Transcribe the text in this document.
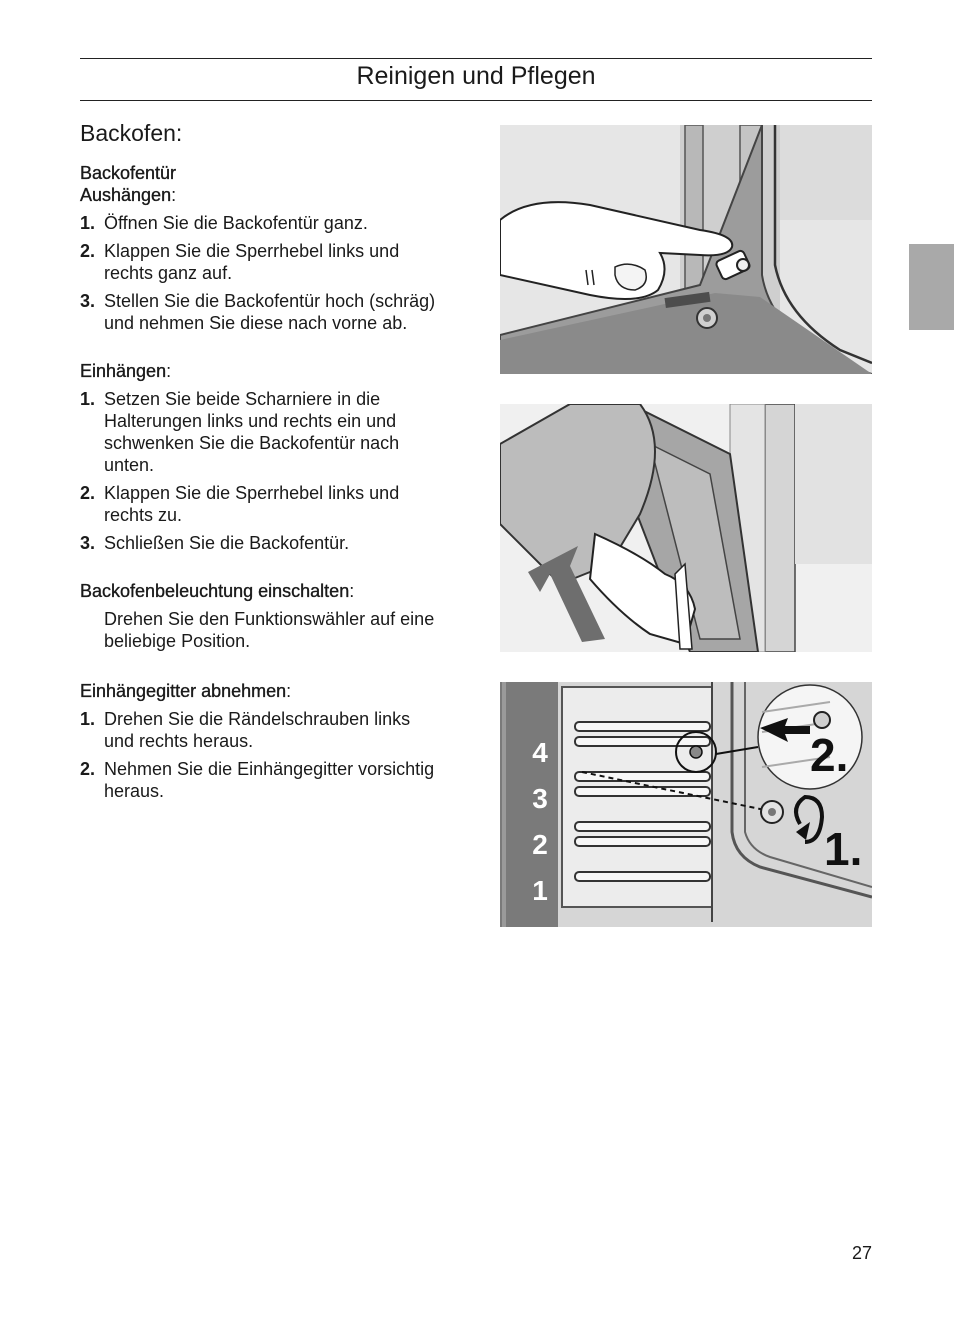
Reinigen und Pflegen
Backofen:
Backofentür
Aushängen:
1. Öffnen Sie die Backofentür ganz.
2. Klappen Sie die Sperrhebel links und rechts ganz auf.
3. Stellen Sie die Backofentür hoch (schräg) und nehmen Sie diese nach vorne ab.
Einhängen:
1. Setzen Sie beide Scharniere in die Halterungen links und rechts ein und schwenken Sie die Backofentür nach unten.
2. Klappen Sie die Sperrhebel links und rechts zu.
3. Schließen Sie die Backofentür.
Backofenbeleuchtung einschalten:

Drehen Sie den Funktionswähler auf eine beliebige Position.

Einhängegitter abnehmen:
1. Drehen Sie die Rändelschrauben links und rechts heraus.
2. Nehmen Sie die Einhängegitter vorsichtig heraus.
4
3
2
1
2.
1.
27
